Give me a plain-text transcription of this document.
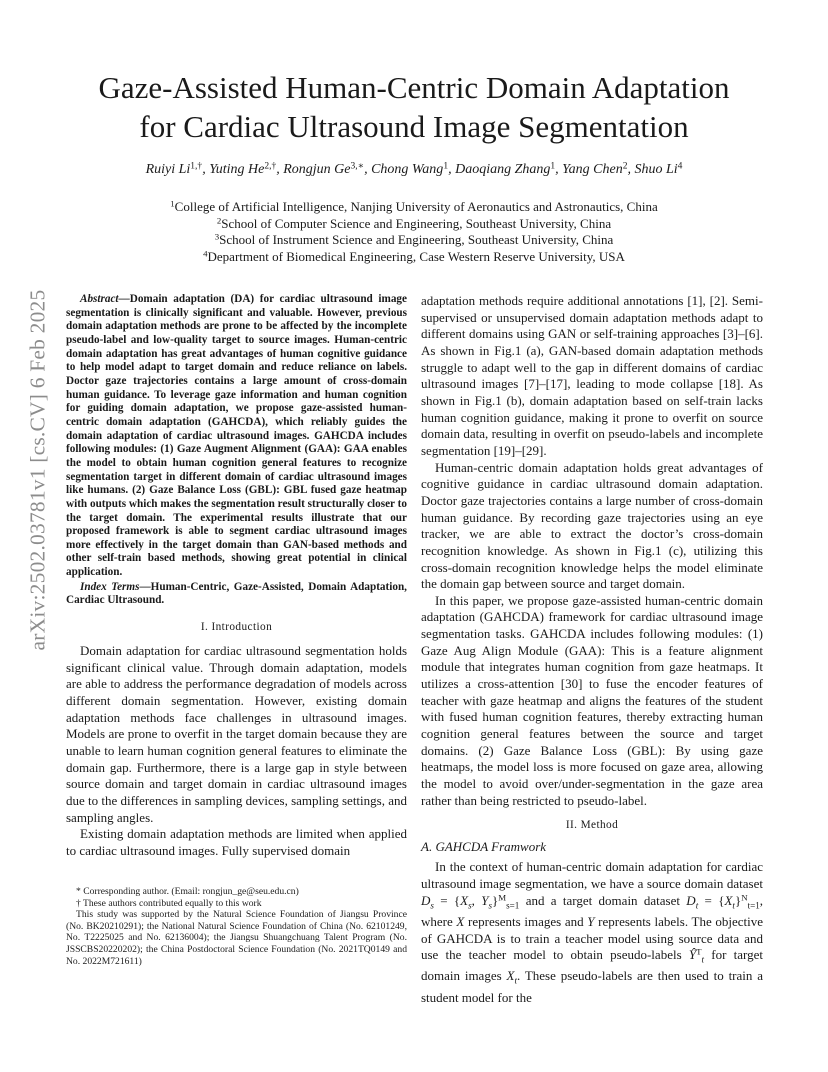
arXiv:2502.03781v1 [cs.CV] 6 Feb 2025
Gaze-Assisted Human-Centric Domain Adaptation
for Cardiac Ultrasound Image Segmentation
Ruiyi $Li^{1,\dagger}$, Yuting $He^{2,\dagger}$, Rongjun $Ge^{3,∗}$, Chong Wang$^1$, Daoqiang Zhang$^1$, Yang Chen$^2$, Shuo Li$^4$
$^1$College of Artificial Intelligence, Nanjing University of Aeronautics and Astronautics, China
$^2$School of Computer Science and Engineering, Southeast University, China
$^3$School of Instrument Science and Engineering, Southeast University, China
$^4$Department of Biomedical Engineering, Case Western Reserve University, USA

Abstract—Domain adaptation (DA) for cardiac ultrasound image segmentation is clinically significant and valuable. However, previous domain adaptation methods are prone to be affected by the incomplete pseudo-label and low-quality target to source images. Human-centric domain adaptation has great advantages of human cognitive guidance to help model adapt to target domain and reduce reliance on labels. Doctor gaze trajectories contains a large amount of cross-domain human guidance. To leverage gaze information and human cognition for guiding domain adaptation, we propose gaze-assisted human-centric domain adaptation (GAHCDA), which reliably guides the domain adaptation of cardiac ultrasound images. GAHCDA includes following modules: (1) Gaze Augment Alignment (GAA): GAA enables the model to obtain human cognition general features to recognize segmentation target in different domain of cardiac ultrasound images like humans. (2) Gaze Balance Loss (GBL): GBL fused gaze heatmap with outputs which makes the segmentation result structurally closer to the target domain. The experimental results illustrate that our proposed framework is able to segment cardiac ultrasound images more effectively in the target domain than GAN-based methods and other self-train based methods, showing great potential in clinical application.

Index Terms—Human-Centric, Gaze-Assisted, Domain Adaptation, Cardiac Ultrasound.

I. Introduction

Domain adaptation for cardiac ultrasound segmentation holds significant clinical value. Through domain adaptation, models are able to address the performance degradation of models across different domain segmentation. However, existing domain adaptation methods face challenges in ultrasound images. Models are prone to overfit in the target domain because they are unable to learn human cognition general features to eliminate the domain gap. Furthermore, there is a large gap in style between source domain and target domain in cardiac ultrasound images due to the differences in sampling devices, sampling settings, and sampling angles.

Existing domain adaptation methods are limited when applied to cardiac ultrasound images. Fully supervised domain

* Corresponding author. (Email: rongjun_ge@seu.edu.cn)

† These authors contributed equally to this work

This study was supported by the Natural Science Foundation of Jiangsu Province (No. BK20210291); the National Natural Science Foundation of China (No. 62101249, No. T2225025 and No. 62136004); the Jiangsu Shuangchuang Talent Program (No. JSSCBS20220202); the China Postdoctoral Science Foundation (No. 2021TQ0149 and No. 2022M721611)

adaptation methods require additional annotations [1], [2]. Semi-supervised or unsupervised domain adaptation methods adapt to different domains using GAN or self-training approaches [3]–[6]. As shown in Fig.1 (a), GAN-based domain adaptation methods struggle to adapt well to the gap in different domains of cardiac ultrasound images [7]–[17], leading to mode collapse [18]. As shown in Fig.1 (b), domain adaptation based on self-train lacks human cognition guidance, making it prone to overfit on source domain data, resulting in overfit on pseudo-labels and incomplete segmentation [19]–[29].

Human-centric domain adaptation holds great advantages of cognitive guidance in cardiac ultrasound domain adaptation. Doctor gaze trajectories contains a large number of cross-domain human guidance. By recording gaze trajectories using an eye tracker, we are able to extract the doctor’s cross-domain recognition knowledge. As shown in Fig.1 (c), utilizing this cross-domain recognition knowledge helps the model eliminate the domain gap between source and target domain.

In this paper, we propose gaze-assisted human-centric domain adaptation (GAHCDA) framework for cardiac ultrasound image segmentation tasks. GAHCDA includes following modules: (1) Gaze Aug Align Module (GAA): This is a feature alignment module that integrates human cognition from gaze heatmaps. It utilizes a cross-attention [30] to fuse the encoder features of teacher with gaze heatmap and aligns the features of the student with fused human cognition features, thereby extracting human cognition general features between the source and target domains. (2) Gaze Balance Loss (GBL): By using gaze heatmaps, the model loss is more focused on gaze area, allowing the model to avoid over/under-segmentation in the gaze area rather than being restricted to pseudo-label.

II. Method
A. GAHCDA Framwork

In the context of human-centric domain adaptation for cardiac ultrasound image segmentation, we have a source domain dataset $D_s = \{X_s$, $Y_s\}^M_{s=1}$ and a target domain dataset $D_t = \{X_t\}^N_{t=1}$, where X represents images and Y represents labels. The objective of GAHCDA is to train a teacher model using source data and use the teacher model to obtain pseudo-labels $Ŷ^T_t$ for target domain images $X_t$. These pseudo-labels are then used to train a student model for the
